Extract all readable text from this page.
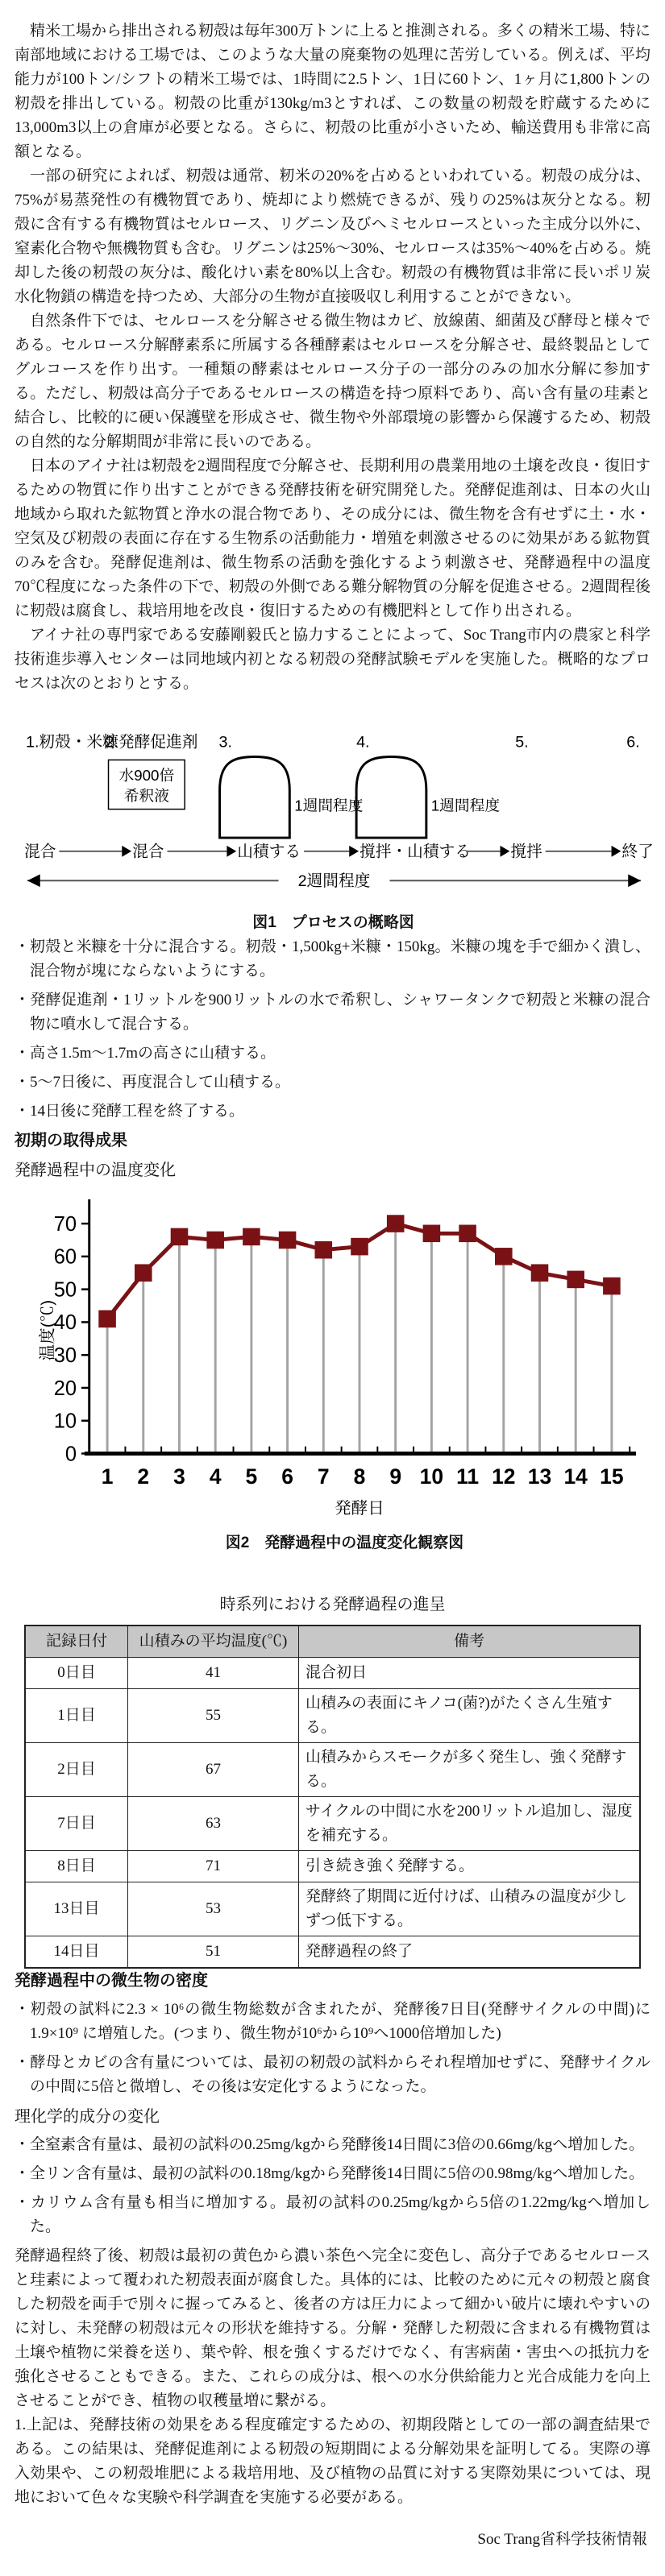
精米工場から排出される籾殻は毎年300万トンに上ると推測される。多くの精米工場、特に南部地域における工場では、このような大量の廃棄物の処理に苦労している。例えば、平均能力が100トン/シフトの精米工場では、1時間に2.5トン、1日に60トン、1ヶ月に1,800トンの籾殻を排出している。籾殻の比重が130kg/m3とすれば、この数量の籾殻を貯蔵するために13,000m3以上の倉庫が必要となる。さらに、籾殻の比重が小さいため、輸送費用も非常に高額となる。

一部の研究によれば、籾殻は通常、籾米の20%を占めるといわれている。籾殻の成分は、75%が易蒸発性の有機物質であり、焼却により燃焼できるが、残りの25%は灰分となる。籾殻に含有する有機物質はセルロース、リグニン及びヘミセルロースといった主成分以外に、窒素化合物や無機物質も含む。リグニンは25%〜30%、セルロースは35%〜40%を占める。焼却した後の籾殻の灰分は、酸化けい素を80%以上含む。籾殻の有機物質は非常に長いポリ炭水化物鎖の構造を持つため、大部分の生物が直接吸収し利用することができない。

自然条件下では、セルロースを分解させる微生物はカビ、放線菌、細菌及び酵母と様々である。セルロース分解酵素系に所属する各種酵素はセルロースを分解させ、最終製品としてグルコースを作り出す。一種類の酵素はセルロース分子の一部分のみの加水分解に参加する。ただし、籾殻は高分子であるセルロースの構造を持つ原料であり、高い含有量の珪素と結合し、比較的に硬い保護壁を形成させ、微生物や外部環境の影響から保護するため、籾殻の自然的な分解期間が非常に長いのである。

日本のアイナ社は籾殻を2週間程度で分解させ、長期利用の農業用地の土壌を改良・復旧するための物質に作り出すことができる発酵技術を研究開発した。発酵促進剤は、日本の火山地域から取れた鉱物質と浄水の混合物であり、その成分には、微生物を含有せずに土・水・空気及び籾殻の表面に存在する生物系の活動能力・増殖を刺激させるのに効果がある鉱物質のみを含む。発酵促進剤は、微生物系の活動を強化するよう刺激させ、発酵過程中の温度70℃程度になった条件の下で、籾殻の外側である難分解物質の分解を促進させる。2週間程後に籾殻は腐食し、栽培用地を改良・復旧するための有機肥料として作り出される。

アイナ社の専門家である安藤剛毅氏と協力することによって、Soc Trang市内の農家と科学技術進歩導入センターは同地域内初となる籾殻の発酵試験モデルを実施した。概略的なプロセスは次のとおりとする。

1.籾殻・米糠
2.発酵促進剤 3.	4.	5.	6.
水900倍
希釈液
1週間程度	1週間程度
混合	混合	山積する	撹拌・山積する 撹拌	終了
2週間程度
図1　プロセスの概略図
・籾殻と米糠を十分に混合する。籾殻・1,500kg+米糠・150kg。米糠の塊を手で細かく潰し、混合物が塊にならないようにする。
・発酵促進剤・1リットルを900リットルの水で希釈し、シャワータンクで籾殻と米糠の混合物に噴水して混合する。
・高さ1.5m〜1.7mの高さに山積する。
・5〜7日後に、再度混合して山積する。
・14日後に発酵工程を終了する。
初期の取得成果

発酵過程中の温度変化

0
10
20
30
40
50
60
70
1 2 3 4 5 6 7 8 9 10 11 12 13 14 15
発酵日
温度(℃)
図2　発酵過程中の温度変化観察図
時系列における発酵過程の進呈
記録日付	山積みの平均温度(℃)	備考
0日目	41	混合初日
1日目	55	山積みの表面にキノコ(菌?)がたくさん生殖する。
2日目	67	山積みからスモークが多く発生し、強く発酵する。
7日目	63	サイクルの中間に水を200リットル追加し、湿度を補充する。
8日目	71	引き続き強く発酵する。
13日目	53	発酵終了期間に近付けば、山積みの温度が少しずつ低下する。
14日目	51	発酵過程の終了
発酵過程中の微生物の密度
・籾殻の試料に2.3 × 10⁶の微生物総数が含まれたが、発酵後7日目(発酵サイクルの中間)に1.9×10⁹ に増殖した。(つまり、微生物が10⁶から10⁹へ1000倍増加した)
・酵母とカビの含有量については、最初の籾殻の試料からそれ程増加せずに、発酵サイクルの中間に5倍と微増し、その後は安定化するようになった。

理化学的成分の変化

・全窒素含有量は、最初の試料の0.25mg/kgから発酵後14日間に3倍の0.66mg/kgへ増加した。
・全リン含有量は、最初の試料の0.18mg/kgから発酵後14日間に5倍の0.98mg/kgへ増加した。
・カリウム含有量も相当に増加する。最初の試料の0.25mg/kgから5倍の1.22mg/kgへ増加した。

発酵過程終了後、籾殻は最初の黄色から濃い茶色へ完全に変色し、高分子であるセルロースと珪素によって覆われた籾殻表面が腐食した。具体的には、比較のために元々の籾殻と腐食した籾殻を両手で別々に握ってみると、後者の方は圧力によって細かい破片に壊れやすいのに対し、未発酵の籾殻は元々の形状を維持する。分解・発酵した籾殻に含まれる有機物質は土壌や植物に栄養を送り、葉や幹、根を強くするだけでなく、有害病菌・害虫への抵抗力を強化させることもできる。また、これらの成分は、根への水分供給能力と光合成能力を向上させることができ、植物の収穫量増に繋がる。

1.上記は、発酵技術の効果をある程度確定するための、初期段階としての一部の調査結果である。この結果は、発酵促進剤による籾殻の短期間による分解効果を証明してる。実際の導入効果や、この籾殻堆肥による栽培用地、及び植物の品質に対する実際効果については、現地において色々な実験や科学調査を実施する必要がある。

Soc Trang省科学技術情報
